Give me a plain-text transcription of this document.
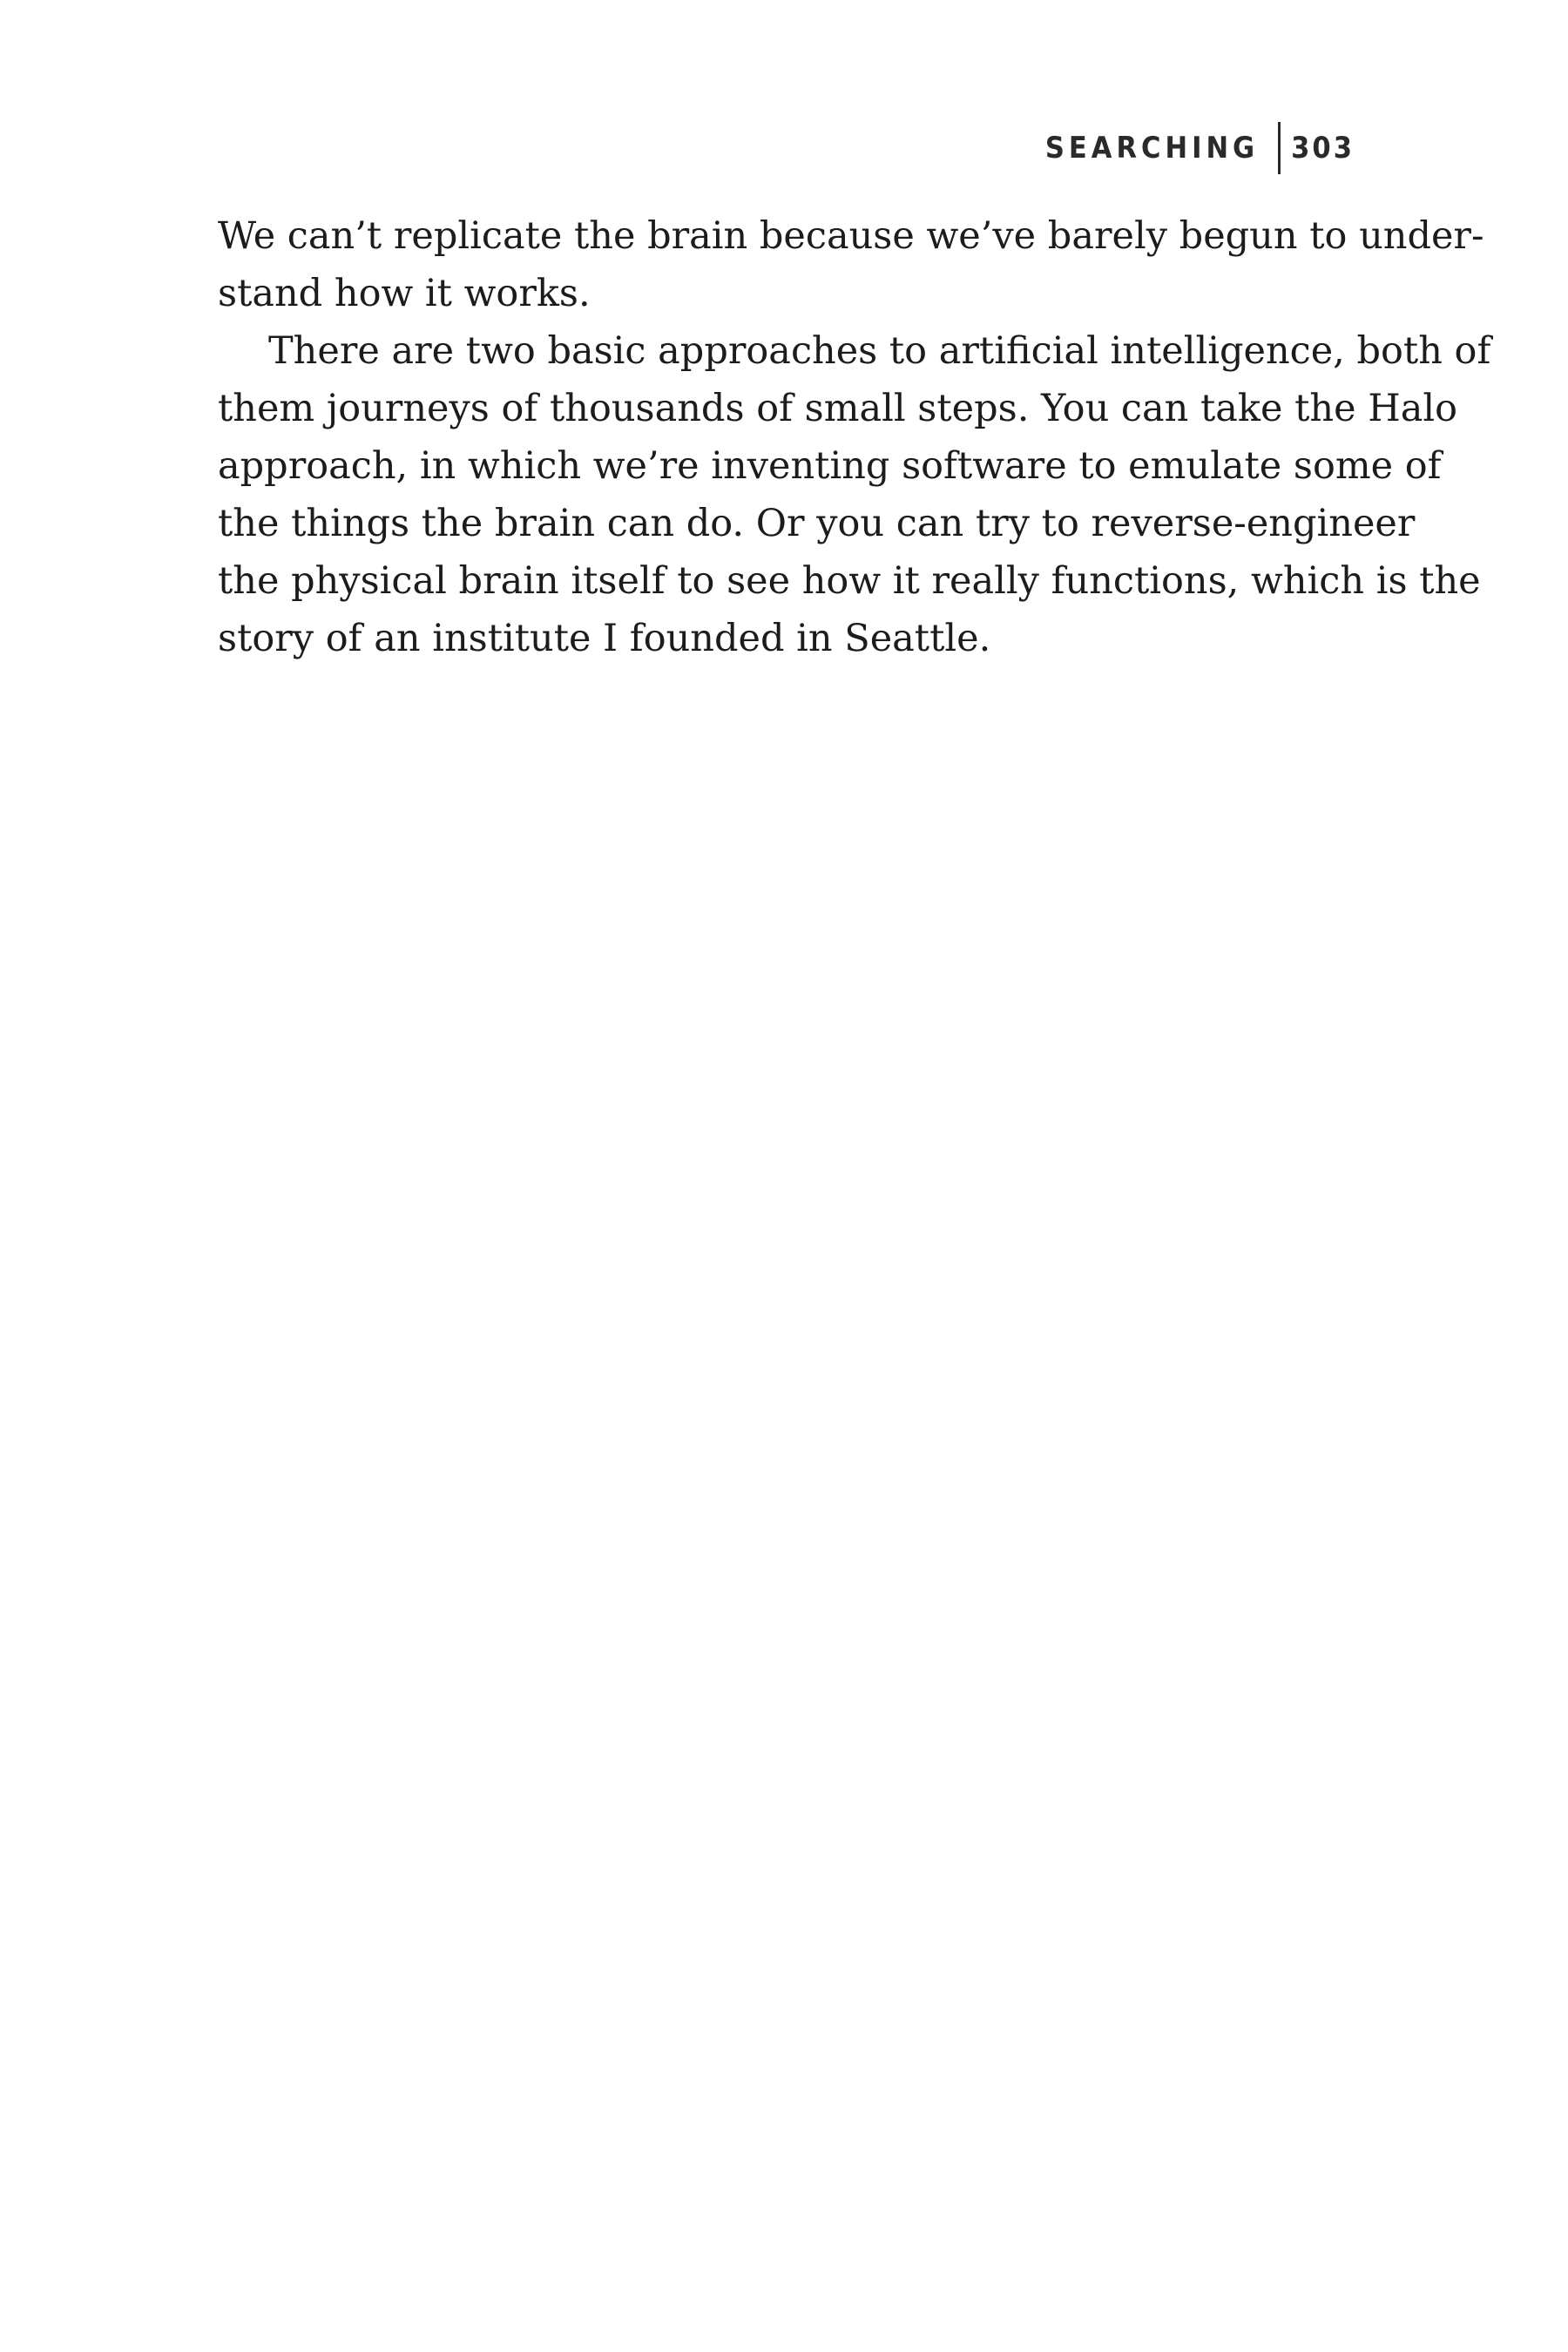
SEARCHING	303
We can’t replicate the brain because we’ve barely begun to under-
stand how it works.
There are two basic approaches to artificial intelligence, both of
them journeys of thousands of small steps. You can take the Halo
approach, in which we’re inventing software to emulate some of
the things the brain can do. Or you can try to reverse-engineer
the physical brain itself to see how it really functions, which is the
story of an institute I founded in Seattle.
